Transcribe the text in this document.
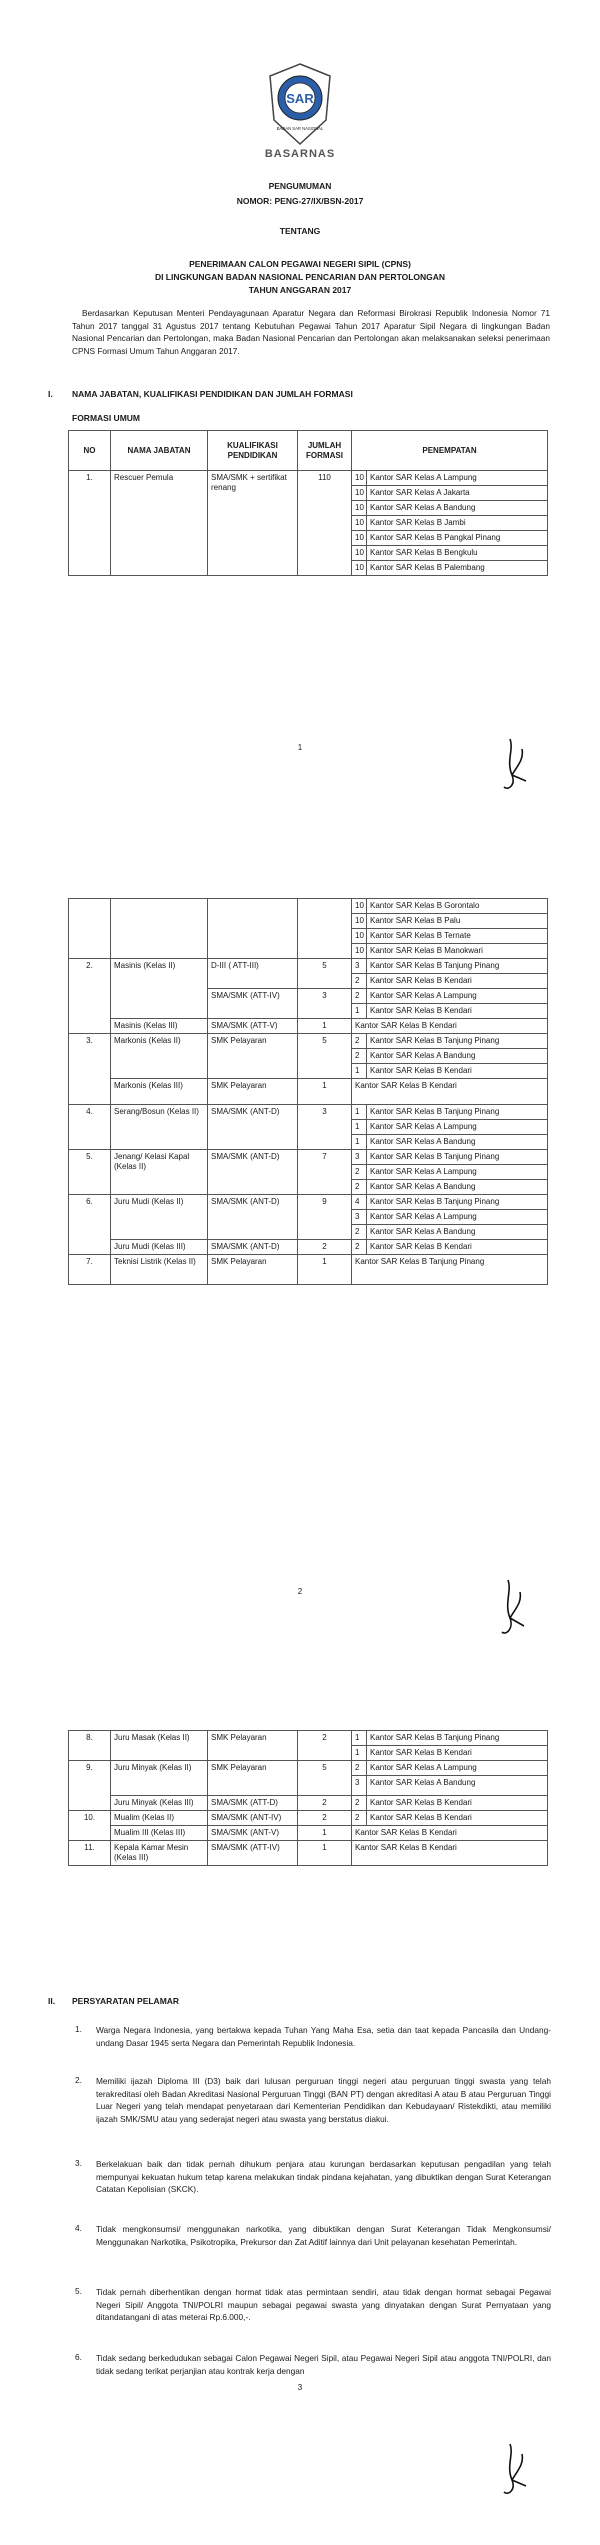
SAR
BADAN SAR NASIONAL
BASARNAS
PENGUMUMAN
NOMOR: PENG-27/IX/BSN-2017
TENTANG
PENERIMAAN CALON PEGAWAI NEGERI SIPIL (CPNS)
DI LINGKUNGAN BADAN NASIONAL PENCARIAN DAN PERTOLONGAN
TAHUN ANGGARAN 2017
Berdasarkan Keputusan Menteri Pendayagunaan Aparatur Negara dan Reformasi Birokrasi Republik Indonesia Nomor 71 Tahun 2017 tanggal 31 Agustus 2017 tentang Kebutuhan Pegawai Tahun 2017 Aparatur Sipil Negara di lingkungan Badan Nasional Pencarian dan Pertolongan, maka Badan Nasional Pencarian dan Pertolongan akan melaksanakan seleksi penerimaan CPNS Formasi Umum Tahun Anggaran 2017.
I. NAMA JABATAN, KUALIFIKASI PENDIDIKAN DAN JUMLAH FORMASI
FORMASI UMUM
NO	NAMA JABATAN	KUALIFIKASI PENDIDIKAN	JUMLAH FORMASI	PENEMPATAN	
1.	Rescuer Pemula	SMA/SMK + sertifikat renang	110	10	Kantor SAR Kelas A Lampung
				10	Kantor SAR Kelas A Jakarta
				10	Kantor SAR Kelas A Bandung
				10	Kantor SAR Kelas B Jambi
				10	Kantor SAR Kelas B Pangkal Pinang
				10	Kantor SAR Kelas B Bengkulu
				10	Kantor SAR Kelas B Palembang
1
				10	Kantor SAR Kelas B Gorontalo
				10	Kantor SAR Kelas B Palu
				10	Kantor SAR Kelas B Ternate
				10	Kantor SAR Kelas B Manokwari
2.	Masinis (Kelas II)	D-III ( ATT-III)	5	3	Kantor SAR Kelas B Tanjung Pinang
				2	Kantor SAR Kelas B Kendari
		SMA/SMK (ATT-IV)	3	2	Kantor SAR Kelas A Lampung
				1	Kantor SAR Kelas B Kendari
	Masinis (Kelas III)	SMA/SMK (ATT-V)	1	Kantor SAR Kelas B Kendari	
3.	Markonis (Kelas II)	SMK Pelayaran	5	2	Kantor SAR Kelas B Tanjung Pinang
				2	Kantor SAR Kelas A Bandung
				1	Kantor SAR Kelas B Kendari
	Markonis (Kelas III)	SMK Pelayaran	1	Kantor SAR Kelas B Kendari	
4.	Serang/Bosun (Kelas II)	SMA/SMK (ANT-D)	3	1	Kantor SAR Kelas B Tanjung Pinang
				1	Kantor SAR Kelas A Lampung
				1	Kantor SAR Kelas A Bandung
5.	Jenang/ Kelasi Kapal (Kelas II)	SMA/SMK (ANT-D)	7	3	Kantor SAR Kelas B Tanjung Pinang
				2	Kantor SAR Kelas A Lampung
				2	Kantor SAR Kelas A Bandung
6.	Juru Mudi (Kelas II)	SMA/SMK (ANT-D)	9	4	Kantor SAR Kelas B Tanjung Pinang
				3	Kantor SAR Kelas A Lampung
				2	Kantor SAR Kelas A Bandung
	Juru Mudi (Kelas III)	SMA/SMK (ANT-D)	2	2	Kantor SAR Kelas B Kendari
7.	Teknisi Listrik (Kelas II)	SMK Pelayaran	1	Kantor SAR Kelas B Tanjung Pinang	
2
8.	Juru Masak (Kelas II)	SMK Pelayaran	2	1	Kantor SAR Kelas B Tanjung Pinang
				1	Kantor SAR Kelas B Kendari
9.	Juru Minyak (Kelas II)	SMK Pelayaran	5	2	Kantor SAR Kelas A Lampung
				3	Kantor SAR Kelas A Bandung
	Juru Minyak (Kelas III)	SMA/SMK (ATT-D)	2	2	Kantor SAR Kelas B Kendari
10.	Mualim (Kelas II)	SMA/SMK (ANT-IV)	2	2	Kantor SAR Kelas B Kendari
	Mualim III (Kelas III)	SMA/SMK (ANT-V)	1	Kantor SAR Kelas B Kendari	
11.	Kepala Kamar Mesin (Kelas III)	SMA/SMK (ATT-IV)	1	Kantor SAR Kelas B Kendari	
II. PERSYARATAN PELAMAR
1. Warga Negara Indonesia, yang bertakwa kepada Tuhan Yang Maha Esa, setia dan taat kepada Pancasila dan Undang-undang Dasar 1945 serta Negara dan Pemerintah Republik Indonesia.
2. Memiliki ijazah Diploma III (D3) baik dari lulusan perguruan tinggi negeri atau perguruan tinggi swasta yang telah terakreditasi oleh Badan Akreditasi Nasional Perguruan Tinggi (BAN PT) dengan akreditasi A atau B atau Perguruan Tinggi Luar Negeri yang telah mendapat penyetaraan dari Kementerian Pendidikan dan Kebudayaan/ Ristekdikti, atau memiliki ijazah SMK/SMU atau yang sederajat negeri atau swasta yang berstatus diakui.
3. Berkelakuan baik dan tidak pernah dihukum penjara atau kurungan berdasarkan keputusan pengadilan yang telah mempunyai kekuatan hukum tetap karena melakukan tindak pindana kejahatan, yang dibuktikan dengan Surat Keterangan Catatan Kepolisian (SKCK).
4. Tidak mengkonsumsi/ menggunakan narkotika, yang dibuktikan dengan Surat Keterangan Tidak Mengkonsumsi/ Menggunakan Narkotika, Psikotropika, Prekursor dan Zat Aditif lainnya dari Unit pelayanan kesehatan Pemerintah.
5. Tidak pernah diberhentikan dengan hormat tidak atas permintaan sendiri, atau tidak dengan hormat sebagai Pegawai Negeri Sipil/ Anggota TNI/POLRI maupun sebagai pegawai swasta yang dinyatakan dengan Surat Pernyataan yang ditandatangani di atas meterai Rp.6.000,-.
6. Tidak sedang berkedudukan sebagai Calon Pegawai Negeri Sipil, atau Pegawai Negeri Sipil atau anggota TNI/POLRI, dan tidak sedang terikat perjanjian atau kontrak kerja dengan
3
